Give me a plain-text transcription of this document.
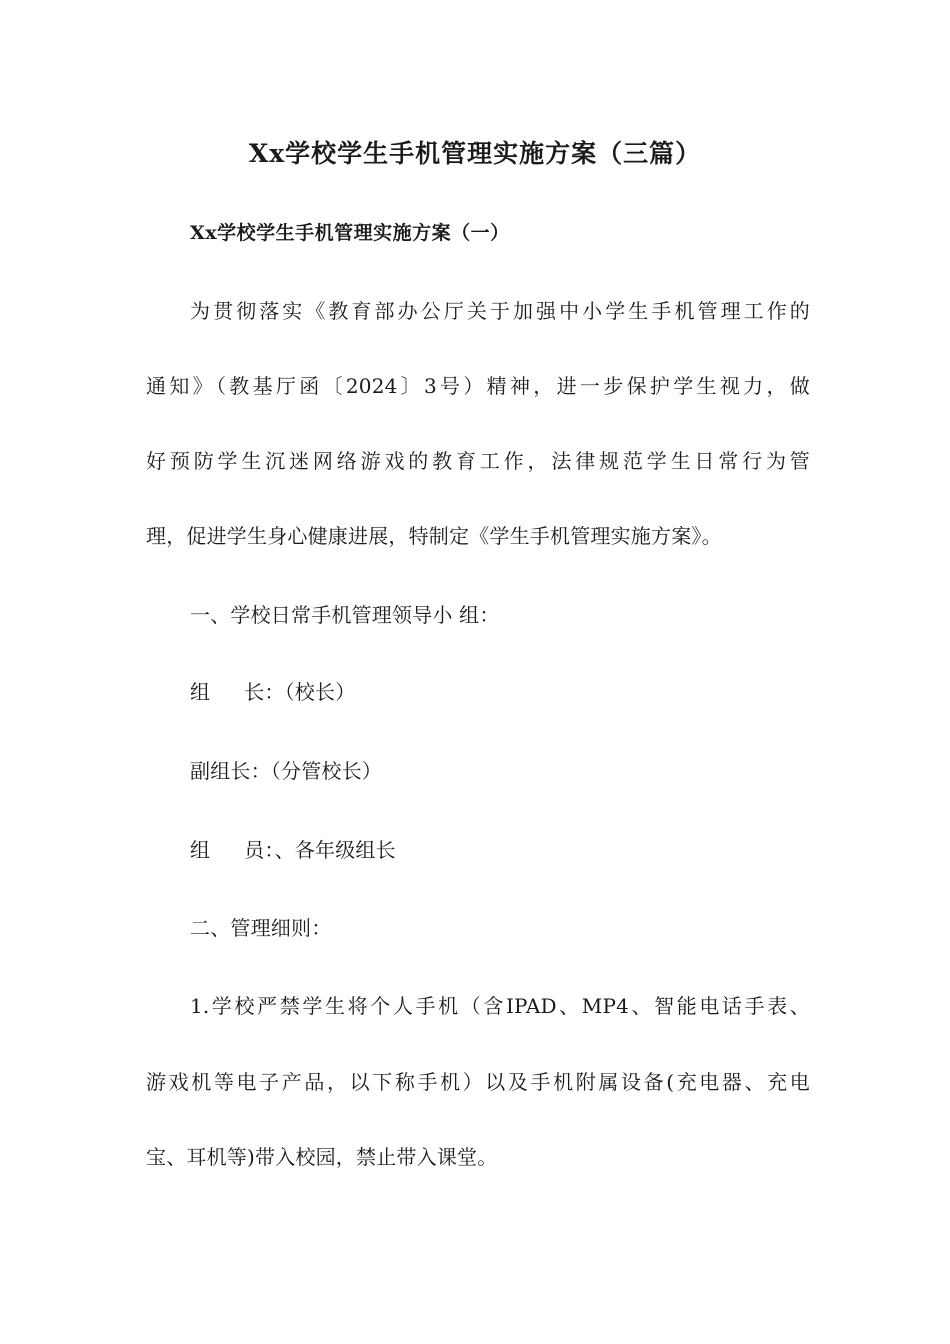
Xx学校学生手机管理实施方案（三篇）
Xx学校学生手机管理实施方案（一）

为贯彻落实《教育部办公厅关于加强中小学生手机管理工作的

通知》（教基厅函〔2024〕3号）精神，进一步保护学生视力，做

好预防学生沉迷网络游戏的教育工作，法律规范学生日常行为管

理，促进学生身心健康进展，特制定《学生手机管理实施方案》。

一、学校日常手机管理领导小 组：

组 长：（校长）

副组长：（分管校长）

组 员：、各年级组长

二、管理细则：

1.学校严禁学生将个人手机（含IPAD、MP4、智能电话手表、

游戏机等电子产品，以下称手机）以及手机附属设备(充电器、充电

宝、耳机等)带入校园，禁止带入课堂。
